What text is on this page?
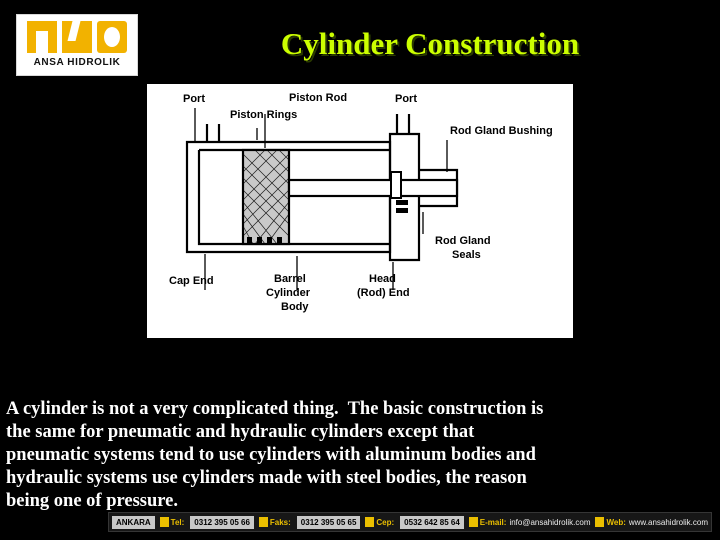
ANSA HIDROLIK
Cylinder Construction
Port	Piston Rod
Piston Rings
Port
Rod Gland Bushing
Rod Gland
Seals
Cap End	Barrel
Cylinder
Body
Head
(Rod) End
A cylinder is not a very complicated thing.  The basic construction is
the same for pneumatic and hydraulic cylinders except that
pneumatic systems tend to use cylinders with aluminum bodies and
hydraulic systems use cylinders made with steel bodies, the reason
being one of pressure.
ANKARA	Tel:	0312 395 05 66	Faks:	0312 395 05 65	Cep:	0532 642 85 64	E-mail: info@ansahidrolik.com Web: www.ansahidrolik.com
